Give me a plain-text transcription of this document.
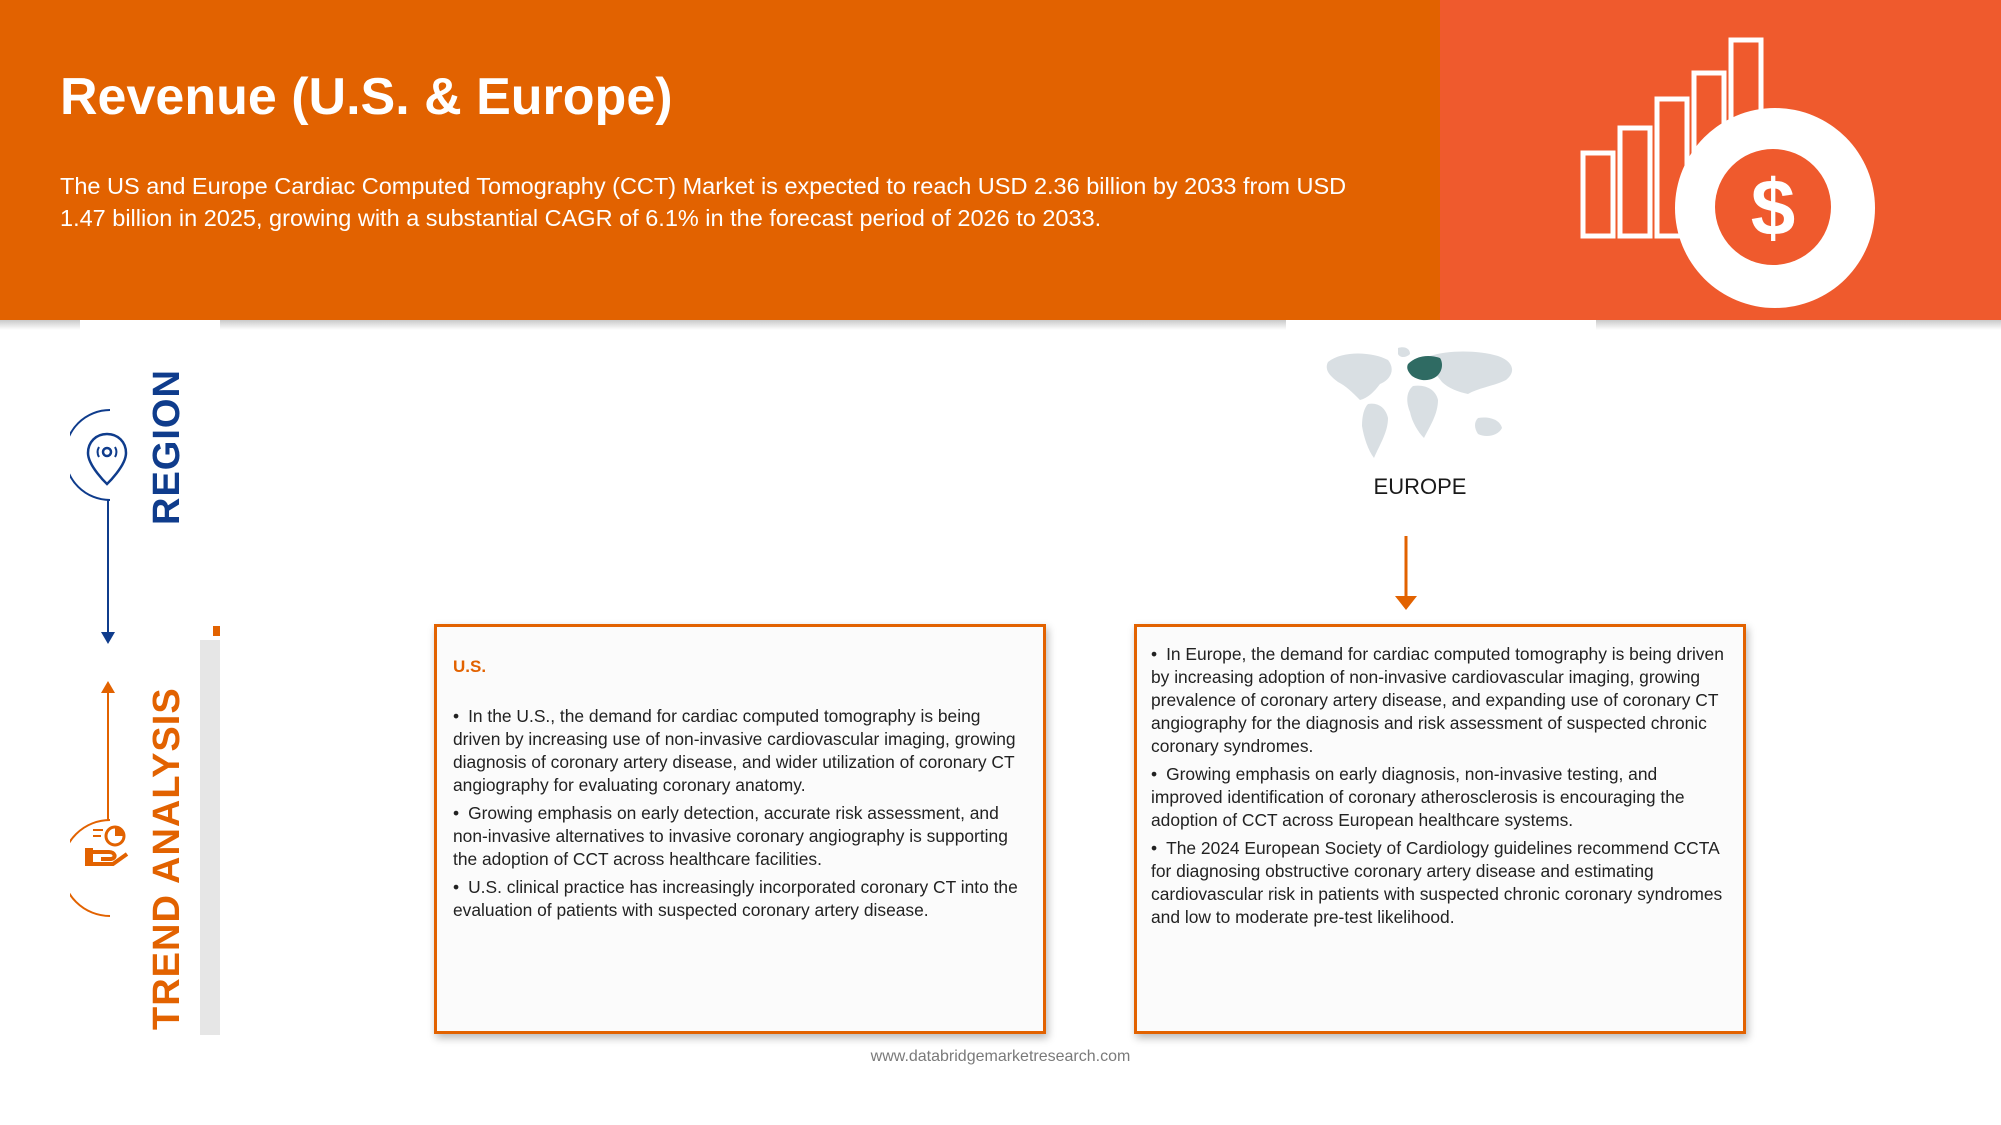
Revenue (U.S. & Europe)

The US and Europe Cardiac Computed Tomography (CCT) Market is expected to reach USD 2.36 billion by 2033 from USD 1.47 billion in 2025, growing with a substantial CAGR of 6.1% in the forecast period of 2026 to 2033.	$
REGION
TREND ANALYSIS
EUROPE
U.S.

• In the U.S., the demand for cardiac computed tomography is being driven by increasing use of non-invasive cardiovascular imaging, growing diagnosis of coronary artery disease, and wider utilization of coronary CT angiography for evaluating coronary anatomy.

• Growing emphasis on early detection, accurate risk assessment, and non-invasive alternatives to invasive coronary angiography is supporting the adoption of CCT across healthcare facilities.

• U.S. clinical practice has increasingly incorporated coronary CT into the evaluation of patients with suspected coronary artery disease.

• In Europe, the demand for cardiac computed tomography is being driven by increasing adoption of non-invasive cardiovascular imaging, growing prevalence of coronary artery disease, and expanding use of coronary CT angiography for the diagnosis and risk assessment of suspected chronic coronary syndromes.

• Growing emphasis on early diagnosis, non-invasive testing, and improved identification of coronary atherosclerosis is encouraging the adoption of CCT across European healthcare systems.

• The 2024 European Society of Cardiology guidelines recommend CCTA for diagnosing obstructive coronary artery disease and estimating cardiovascular risk in patients with suspected chronic coronary syndromes and low to moderate pre-test likelihood.

www.databridgemarketresearch.com
